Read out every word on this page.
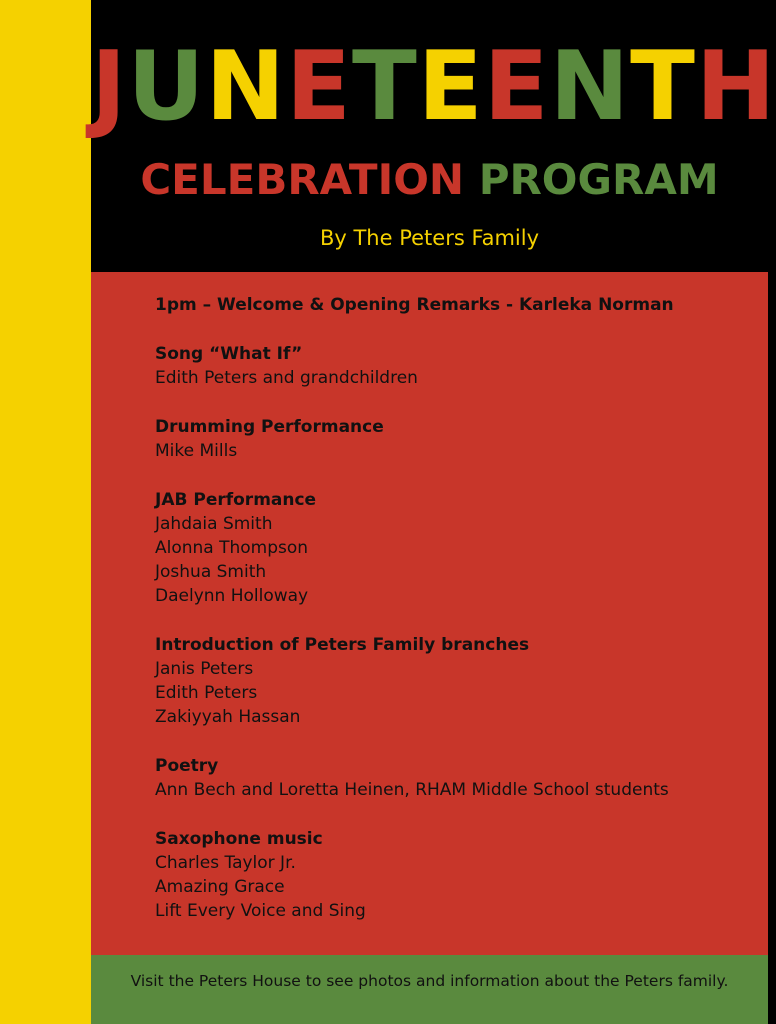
JUNETEENTH
CELEBRATION PROGRAM
By The Peters Family
1pm – Welcome & Opening Remarks - Karleka Norman
Song “What If”
Edith Peters and grandchildren
Drumming Performance
Mike Mills
JAB Performance
Jahdaia Smith
Alonna Thompson
Joshua Smith
Daelynn Holloway
Introduction of Peters Family branches
Janis Peters
Edith Peters
Zakiyyah Hassan
Poetry
Ann Bech and Loretta Heinen, RHAM Middle School students
Saxophone music
Charles Taylor Jr.
Amazing Grace
Lift Every Voice and Sing
Visit the Peters House to see photos and information about the Peters family.
